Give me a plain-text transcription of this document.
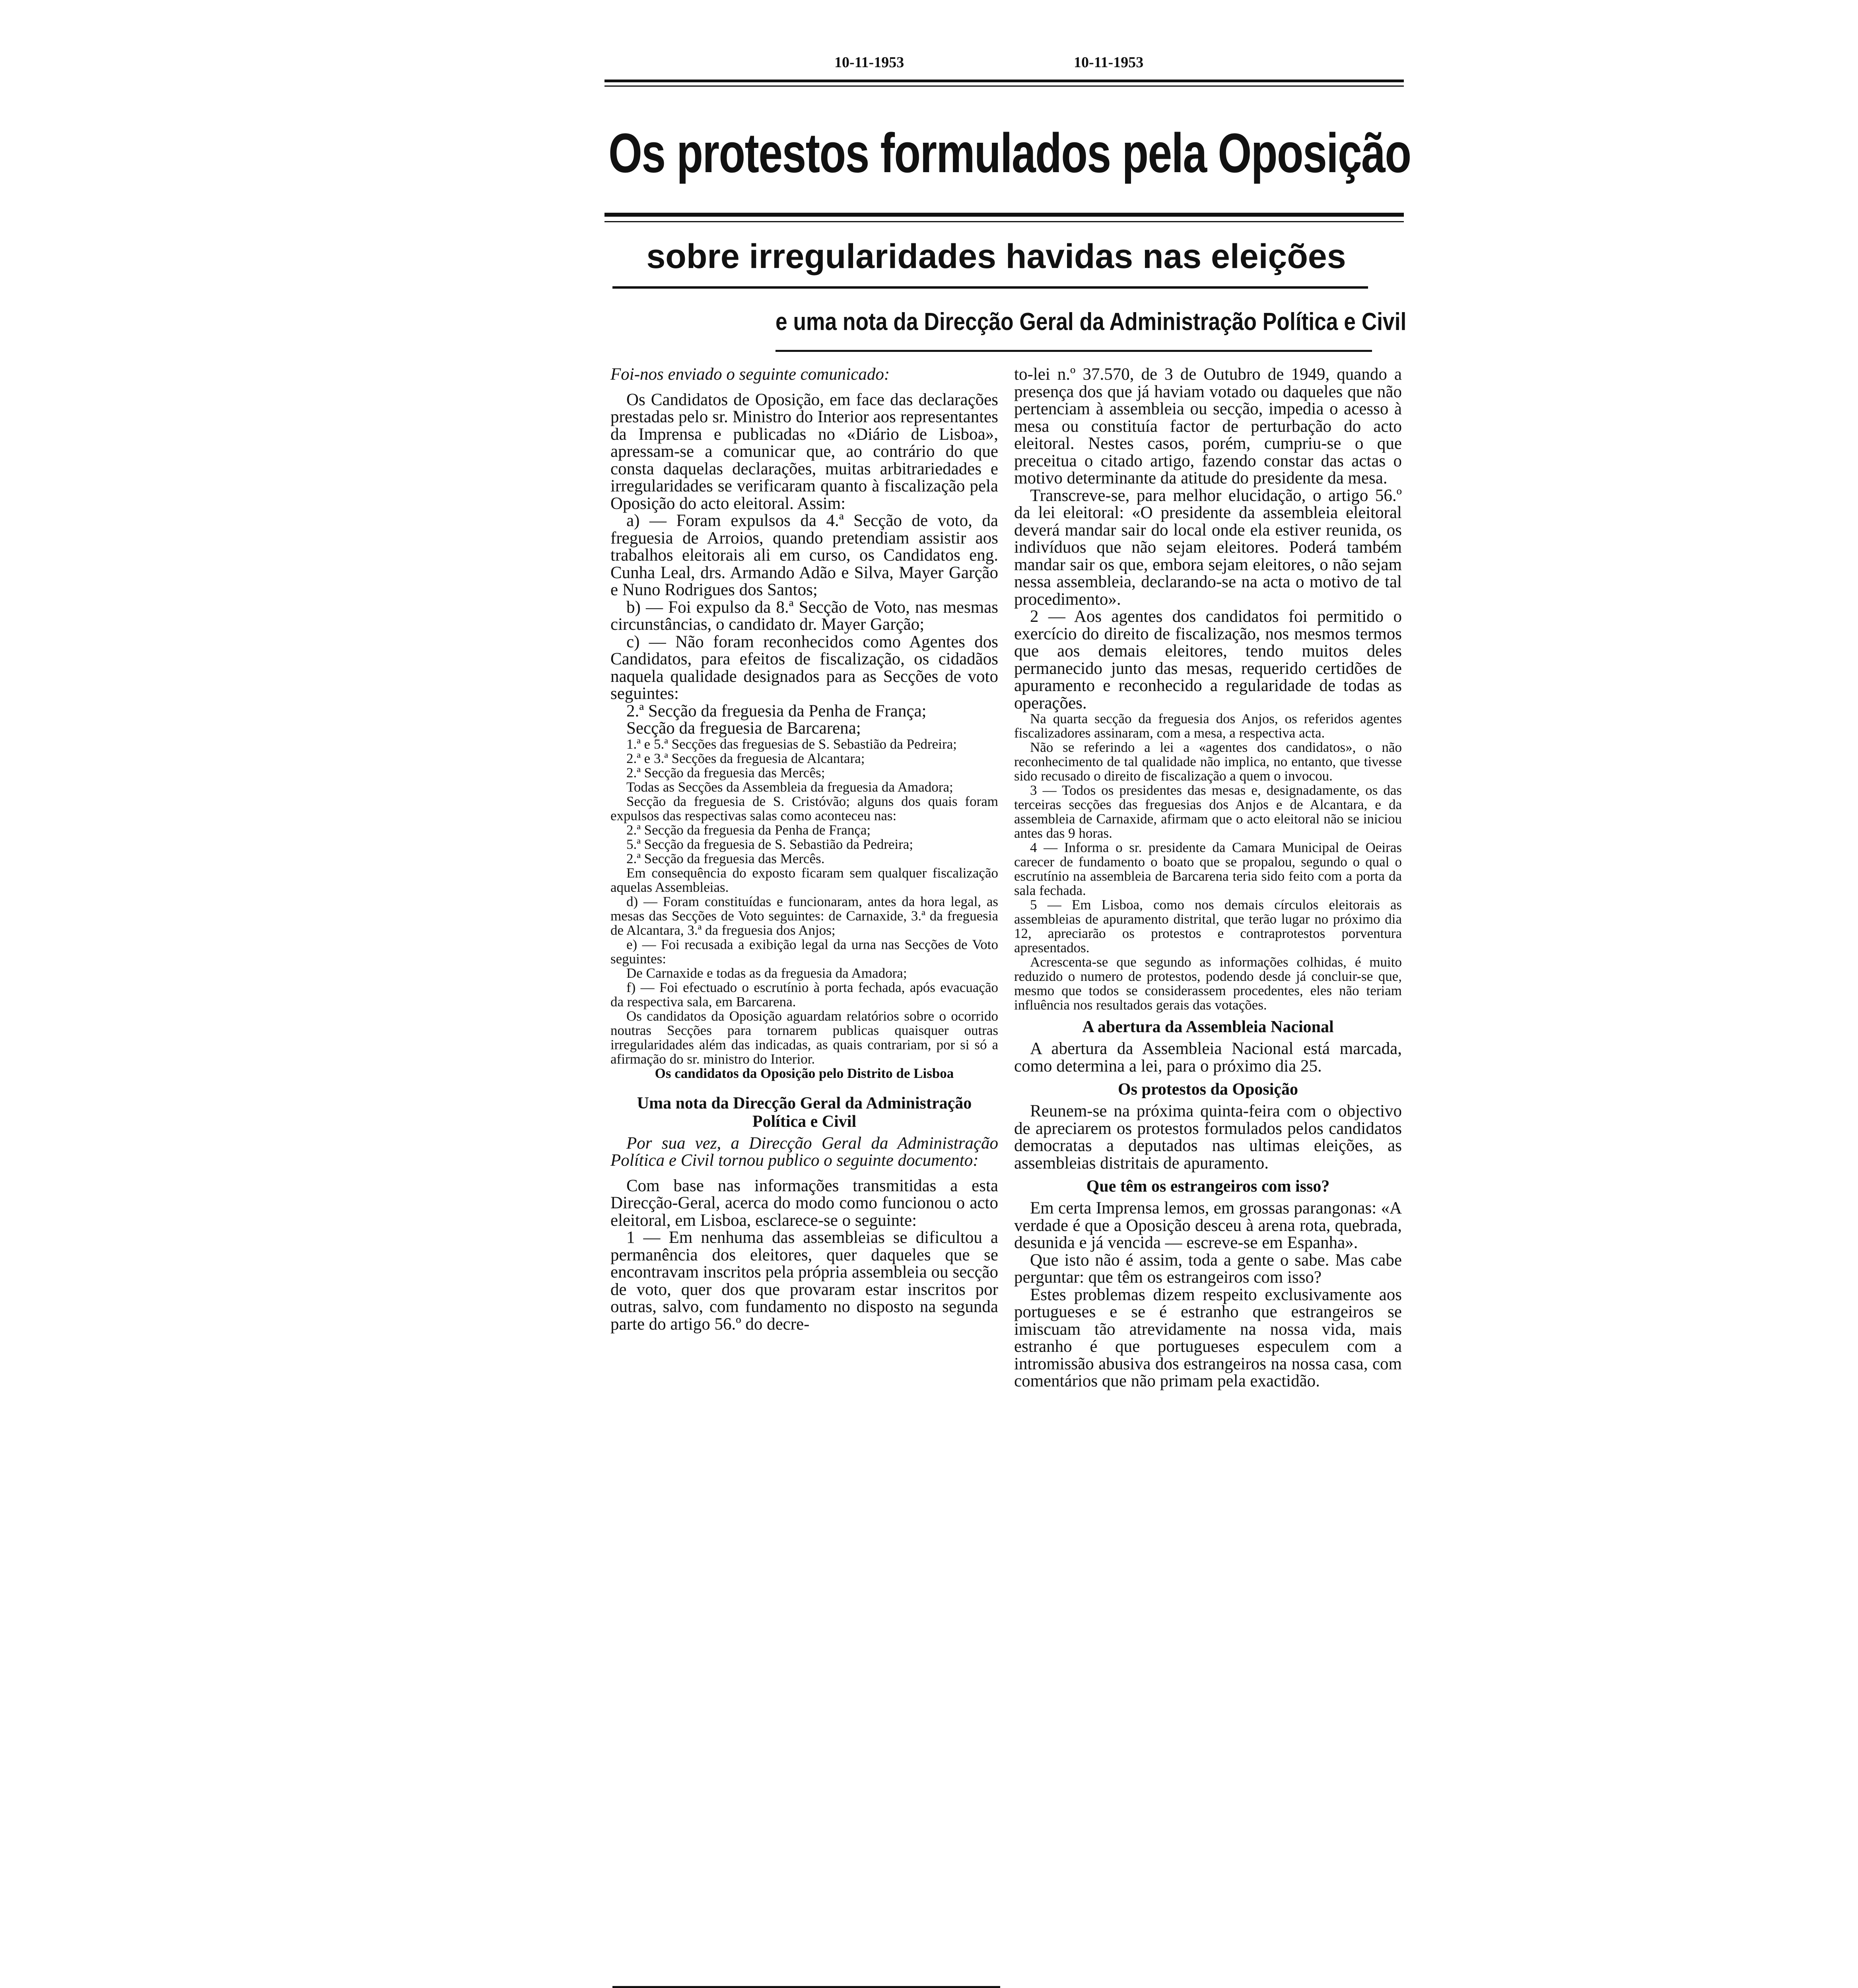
10-11-1953	10-11-1953
Os protestos formulados pela Oposição
sobre irregularidades havidas nas eleições
e uma nota da Direcção Geral da Administração Política e Civil

Foi-nos enviado o seguinte comunicado:

Os Candidatos de Oposição, em face das declarações prestadas pelo sr. Ministro do Interior aos representantes da Imprensa e publicadas no «Diário de Lisboa», apressam-se a comunicar que, ao contrário do que consta daquelas declarações, muitas arbitrariedades e irregularidades se verificaram quanto à fiscalização pela Oposição do acto eleitoral. Assim:

a) — Foram expulsos da 4.ª Secção de voto, da freguesia de Arroios, quando pretendiam assistir aos trabalhos eleitorais ali em curso, os Candidatos eng. Cunha Leal, drs. Armando Adão e Silva, Mayer Garção e Nuno Rodrigues dos Santos;

b) — Foi expulso da 8.ª Secção de Voto, nas mesmas circunstâncias, o candidato dr. Mayer Garção;

c) — Não foram reconhecidos como Agentes dos Candidatos, para efeitos de fiscalização, os cidadãos naquela qualidade designados para as Secções de voto seguintes:

2.ª Secção da freguesia da Penha de França;

Secção da freguesia de Barcarena;

1.ª e 5.ª Secções das freguesias de S. Sebastião da Pedreira;

2.ª e 3.ª Secções da freguesia de Alcantara;

2.ª Secção da freguesia das Mercês;

Todas as Secções da Assembleia da freguesia da Amadora;

Secção da freguesia de S. Cristóvão; alguns dos quais foram expulsos das respectivas salas como aconteceu nas:

2.ª Secção da freguesia da Penha de França;

5.ª Secção da freguesia de S. Sebastião da Pedreira;

2.ª Secção da freguesia das Mercês.

Em consequência do exposto ficaram sem qualquer fiscalização aquelas Assembleias.

d) — Foram constituídas e funcionaram, antes da hora legal, as mesas das Secções de Voto seguintes: de Carnaxide, 3.ª da freguesia de Alcantara, 3.ª da freguesia dos Anjos;

e) — Foi recusada a exibição legal da urna nas Secções de Voto seguintes:

De Carnaxide e todas as da freguesia da Amadora;

f) — Foi efectuado o escrutínio à porta fechada, após evacuação da respectiva sala, em Barcarena.

Os candidatos da Oposição aguardam relatórios sobre o ocorrido noutras Secções para tornarem publicas quaisquer outras irregularidades além das indicadas, as quais contrariam, por si só a afirmação do sr. ministro do Interior.

Os candidatos da Oposição pelo Distrito de Lisboa

Uma nota da Direcção Geral da Administração Política e Civil

Por sua vez, a Direcção Geral da Administração Política e Civil tornou publico o seguinte documento:

Com base nas informações transmitidas a esta Direcção-Geral, acerca do modo como funcionou o acto eleitoral, em Lisboa, esclarece-se o seguinte:

1 — Em nenhuma das assembleias se dificultou a permanência dos eleitores, quer daqueles que se encontravam inscritos pela própria assembleia ou secção de voto, quer dos que provaram estar inscritos por outras, salvo, com fundamento no disposto na segunda parte do artigo 56.º do decre-

to-lei n.º 37.570, de 3 de Outubro de 1949, quando a presença dos que já haviam votado ou daqueles que não pertenciam à assembleia ou secção, impedia o acesso à mesa ou constituía factor de perturbação do acto eleitoral. Nestes casos, porém, cumpriu-se o que preceitua o citado artigo, fazendo constar das actas o motivo determinante da atitude do presidente da mesa.

Transcreve-se, para melhor elucidação, o artigo 56.º da lei eleitoral: «O presidente da assembleia eleitoral deverá mandar sair do local onde ela estiver reunida, os indivíduos que não sejam eleitores. Poderá também mandar sair os que, embora sejam eleitores, o não sejam nessa assembleia, declarando-se na acta o motivo de tal procedimento».

2 — Aos agentes dos candidatos foi permitido o exercício do direito de fiscalização, nos mesmos termos que aos demais eleitores, tendo muitos deles permanecido junto das mesas, requerido certidões de apuramento e reconhecido a regularidade de todas as operações.

Na quarta secção da freguesia dos Anjos, os referidos agentes fiscalizadores assinaram, com a mesa, a respectiva acta.

Não se referindo a lei a «agentes dos candidatos», o não reconhecimento de tal qualidade não implica, no entanto, que tivesse sido recusado o direito de fiscalização a quem o invocou.

3 — Todos os presidentes das mesas e, designadamente, os das terceiras secções das freguesias dos Anjos e de Alcantara, e da assembleia de Carnaxide, afirmam que o acto eleitoral não se iniciou antes das 9 horas.

4 — Informa o sr. presidente da Camara Municipal de Oeiras carecer de fundamento o boato que se propalou, segundo o qual o escrutínio na assembleia de Barcarena teria sido feito com a porta da sala fechada.

5 — Em Lisboa, como nos demais círculos eleitorais as assembleias de apuramento distrital, que terão lugar no próximo dia 12, apreciarão os protestos e contraprotestos porventura apresentados.

Acrescenta-se que segundo as informações colhidas, é muito reduzido o numero de protestos, podendo desde já concluir-se que, mesmo que todos se considerassem procedentes, eles não teriam influência nos resultados gerais das votações.

A abertura da Assembleia Nacional

A abertura da Assembleia Nacional está marcada, como determina a lei, para o próximo dia 25.

Os protestos da Oposição

Reunem-se na próxima quinta-feira com o objectivo de apreciarem os protestos formulados pelos candidatos democratas a deputados nas ultimas eleições, as assembleias distritais de apuramento.

Que têm os estrangeiros com isso?

Em certa Imprensa lemos, em grossas parangonas: «A verdade é que a Oposição desceu à arena rota, quebrada, desunida e já vencida — escreve-se em Espanha».

Que isto não é assim, toda a gente o sabe. Mas cabe perguntar: que têm os estrangeiros com isso?

Estes problemas dizem respeito exclusivamente aos portugueses e se é estranho que estrangeiros se imiscuam tão atrevidamente na nossa vida, mais estranho é que portugueses especulem com a intromissão abusiva dos estrangeiros na nossa casa, com comentários que não primam pela exactidão.
